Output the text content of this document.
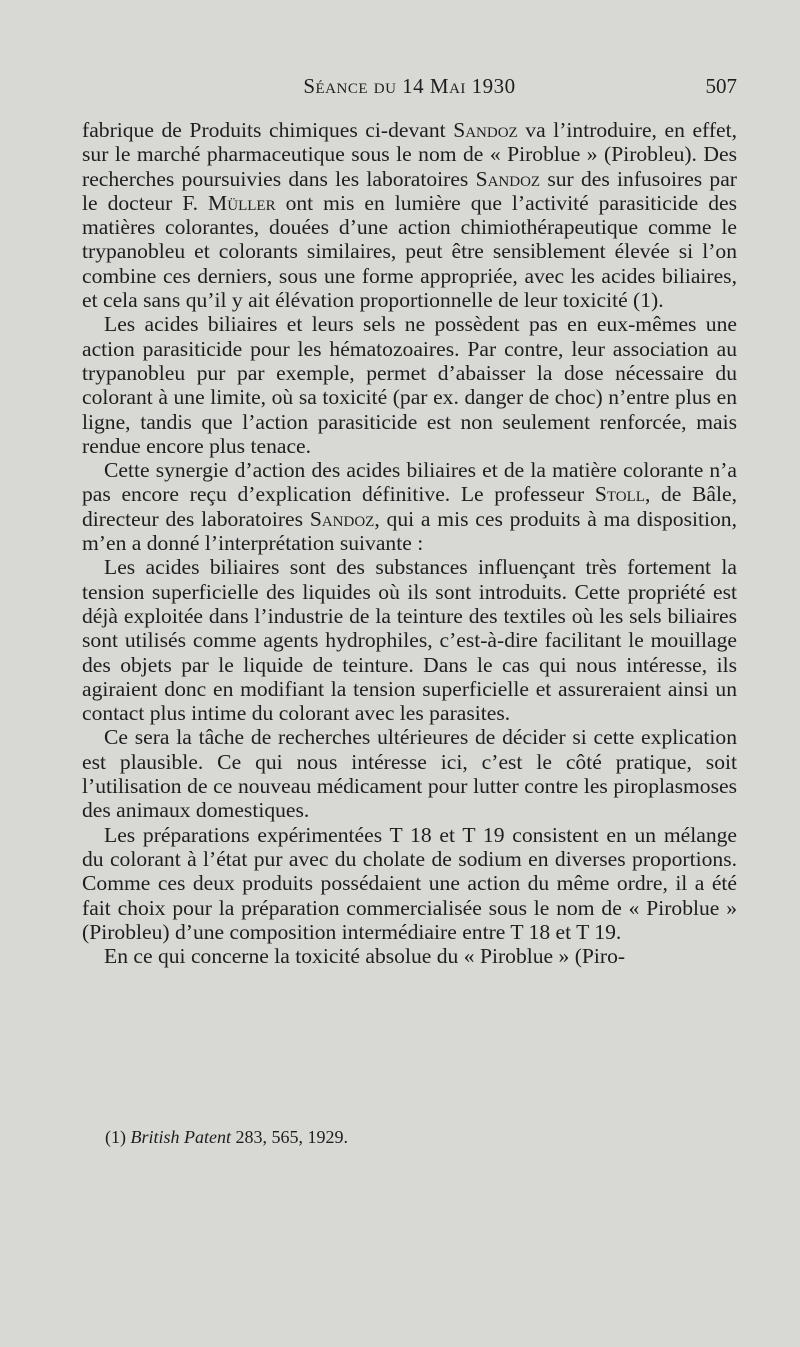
Séance du 14 Mai 1930	507

fabrique de Produits chimiques ci-devant Sandoz va l’introduire, en effet, sur le marché pharmaceutique sous le nom de « Piroblue » (Pirobleu). Des recherches poursuivies dans les laboratoires Sandoz sur des infusoires par le docteur F. Müller ont mis en lumière que l’activité parasiticide des matières colorantes, douées d’une action chimiothérapeutique comme le trypanobleu et colorants similaires, peut être sensiblement élevée si l’on combine ces derniers, sous une forme appropriée, avec les acides biliaires, et cela sans qu’il y ait élévation proportionnelle de leur toxicité (1).

Les acides biliaires et leurs sels ne possèdent pas en eux-mêmes une action parasiticide pour les hématozoaires. Par contre, leur association au trypanobleu pur par exemple, permet d’abaisser la dose nécessaire du colorant à une limite, où sa toxicité (par ex. danger de choc) n’entre plus en ligne, tandis que l’action parasiticide est non seulement renforcée, mais rendue encore plus tenace.

Cette synergie d’action des acides biliaires et de la matière colorante n’a pas encore reçu d’explication définitive. Le professeur Stoll, de Bâle, directeur des laboratoires Sandoz, qui a mis ces produits à ma disposition, m’en a donné l’interprétation suivante :

Les acides biliaires sont des substances influençant très fortement la tension superficielle des liquides où ils sont introduits. Cette propriété est déjà exploitée dans l’industrie de la teinture des textiles où les sels biliaires sont utilisés comme agents hydrophiles, c’est-à-dire facilitant le mouillage des objets par le liquide de teinture. Dans le cas qui nous intéresse, ils agiraient donc en modifiant la tension superficielle et assureraient ainsi un contact plus intime du colorant avec les parasites.

Ce sera la tâche de recherches ultérieures de décider si cette explication est plausible. Ce qui nous intéresse ici, c’est le côté pratique, soit l’utilisation de ce nouveau médicament pour lutter contre les piroplasmoses des animaux domestiques.

Les préparations expérimentées T 18 et T 19 consistent en un mélange du colorant à l’état pur avec du cholate de sodium en diverses proportions. Comme ces deux produits possédaient une action du même ordre, il a été fait choix pour la préparation commercialisée sous le nom de « Piroblue » (Pirobleu) d’une composition intermédiaire entre T 18 et T 19.

En ce qui concerne la toxicité absolue du « Piroblue » (Piro-

(1) British Patent 283, 565, 1929.
